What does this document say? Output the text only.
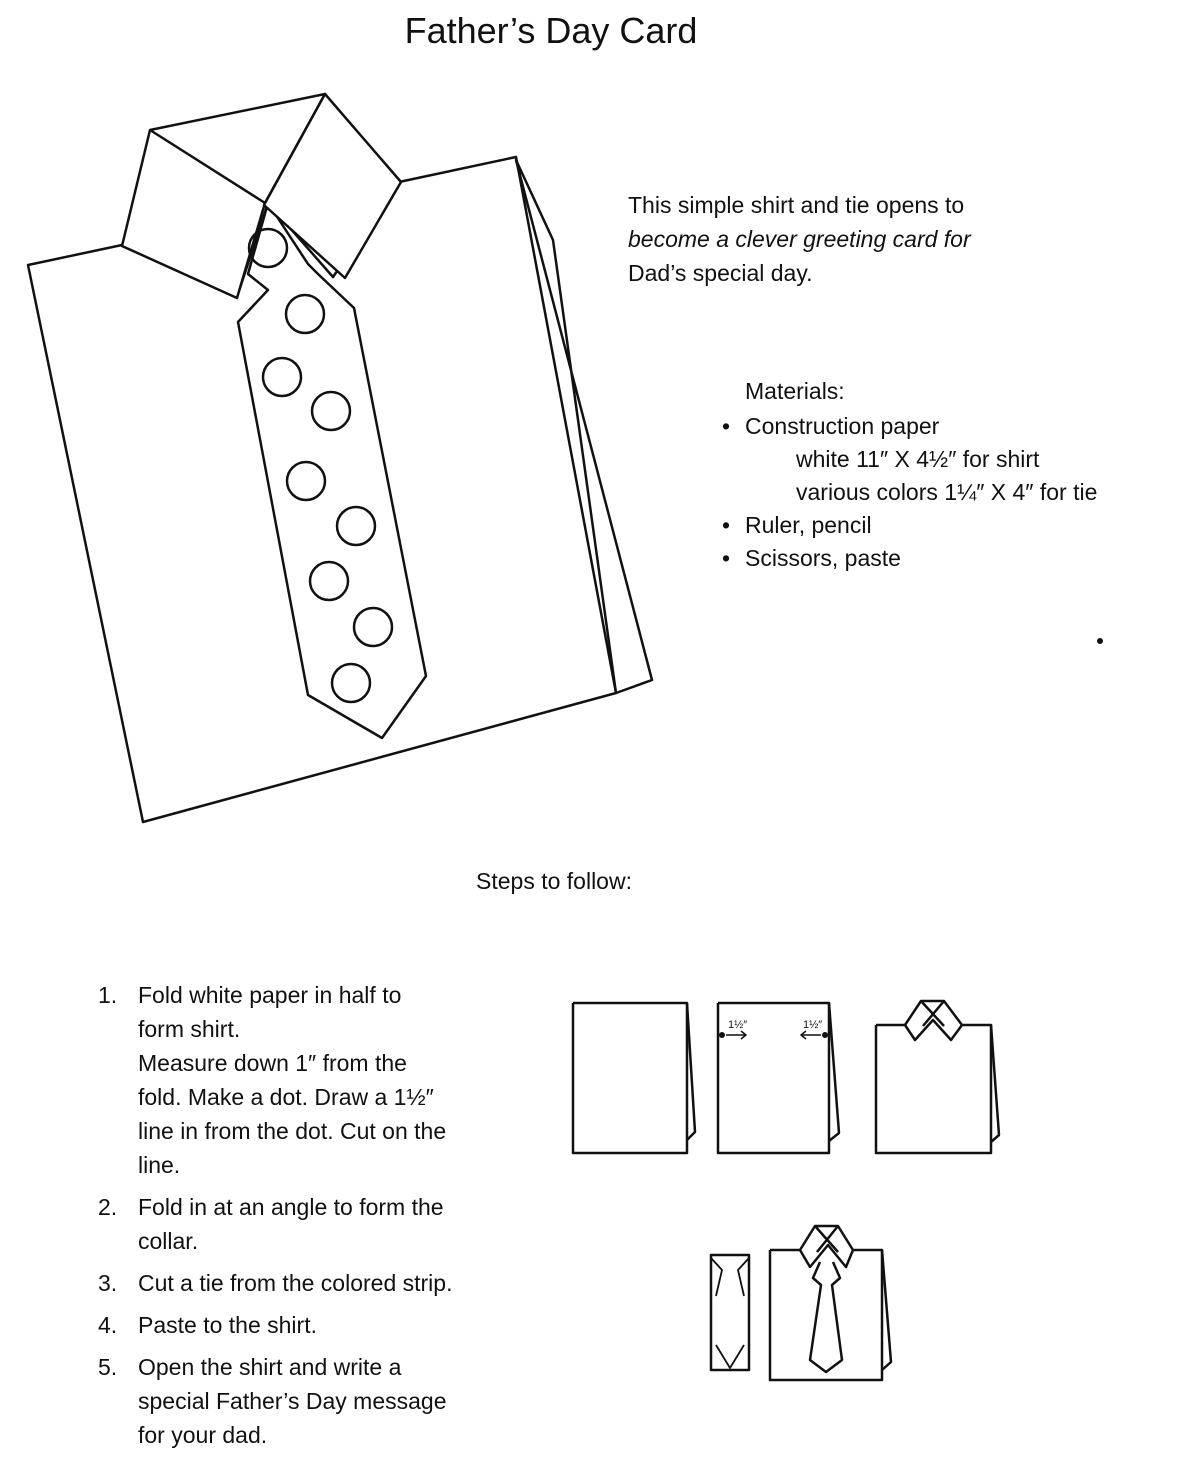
Father’s Day Card
1½″	1½″
This simple shirt and tie opens to
become a clever greeting card for
Dad’s special day.
Materials:
• Construction paper
white 11″ X 4½″ for shirt
various colors 1¼″ X 4″ for tie
• Ruler, pencil
• Scissors, paste
Steps to follow:
1. Fold white paper in half to
form shirt.
Measure down 1″ from the
fold. Make a dot. Draw a 1½″
line in from the dot. Cut on the
line.
2. Fold in at an angle to form the
collar.
3. Cut a tie from the colored strip.
4. Paste to the shirt.
5. Open the shirt and write a
special Father’s Day message
for your dad.
